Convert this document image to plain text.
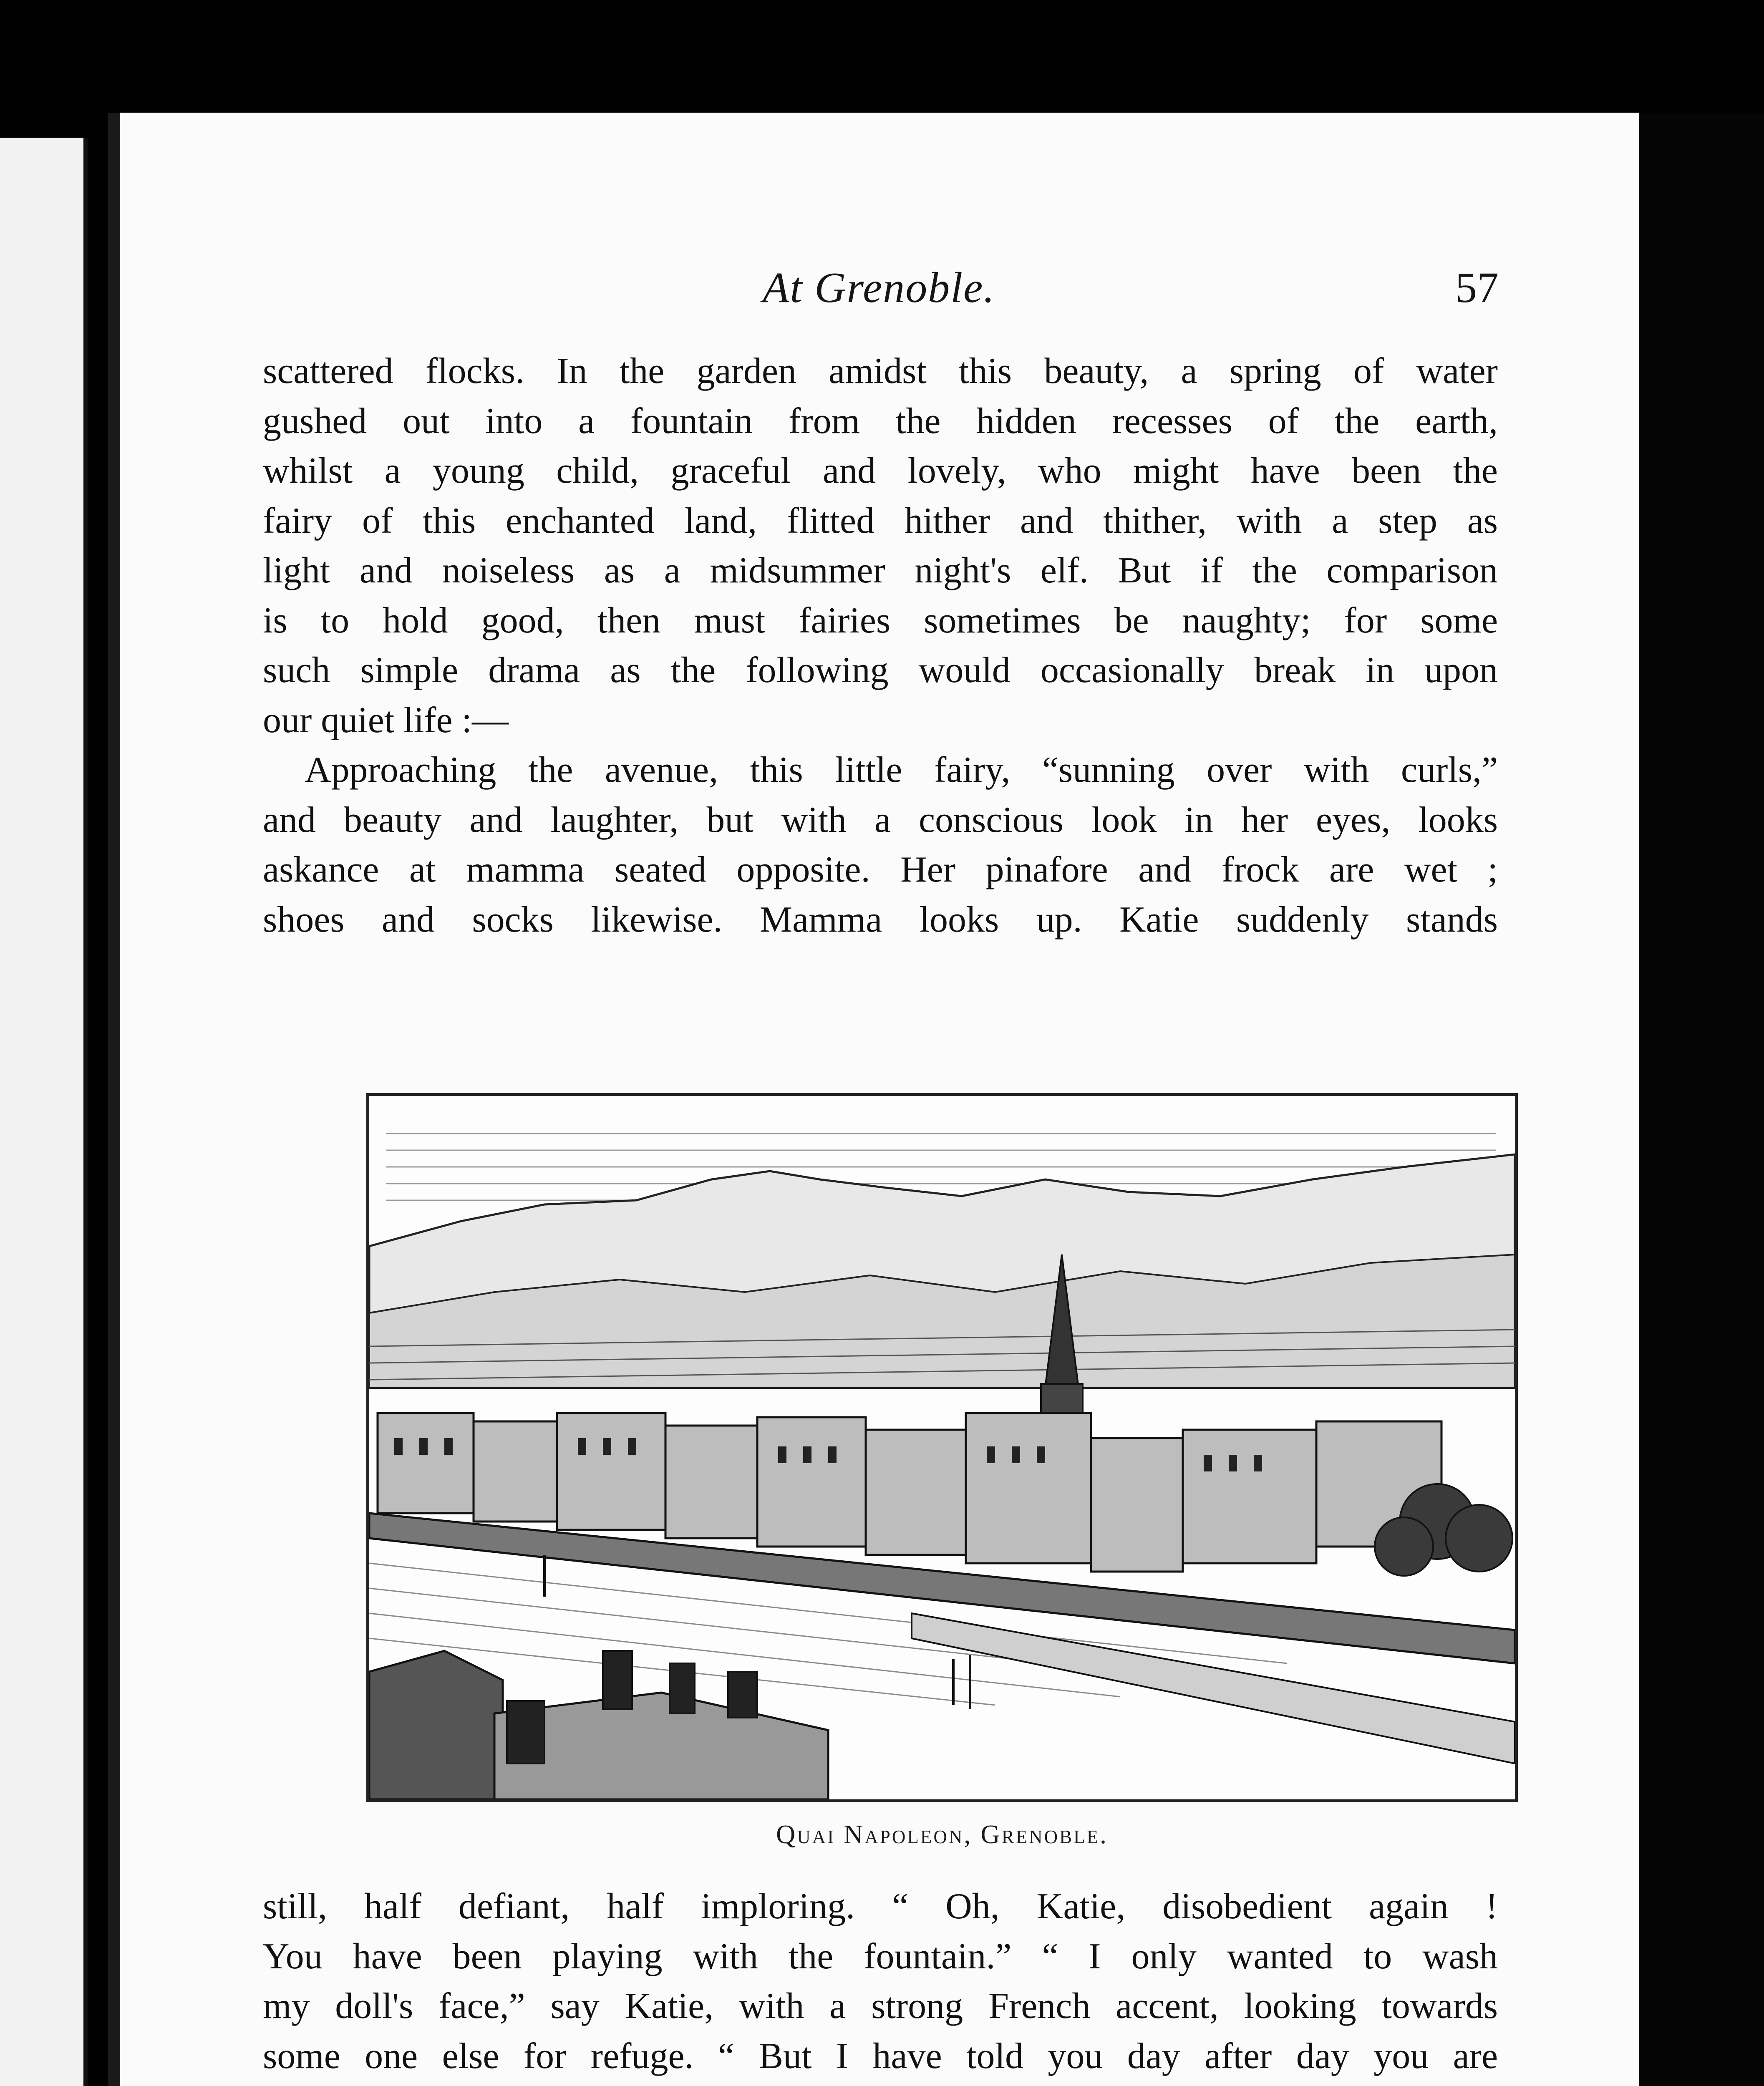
At Grenoble.	57
scattered flocks. In the garden amidst this beauty, a spring of water
gushed out into a fountain from the hidden recesses of the earth,
whilst a young child, graceful and lovely, who might have been the
fairy of this enchanted land, flitted hither and thither, with a step as
light and noiseless as a midsummer night's elf. But if the comparison
is to hold good, then must fairies sometimes be naughty; for some
such simple drama as the following would occasionally break in upon
our quiet life :—
Approaching the avenue, this little fairy, “sunning over with curls,”
and beauty and laughter, but with a conscious look in her eyes, looks
askance at mamma seated opposite. Her pinafore and frock are wet ;
shoes and socks likewise. Mamma looks up. Katie suddenly stands
Quai Napoleon, Grenoble.
still, half defiant, half imploring. “ Oh, Katie, disobedient again !
You have been playing with the fountain.” “ I only wanted to wash
my doll's face,” say Katie, with a strong French accent, looking towards
some one else for refuge. “ But I have told you day after day you are
